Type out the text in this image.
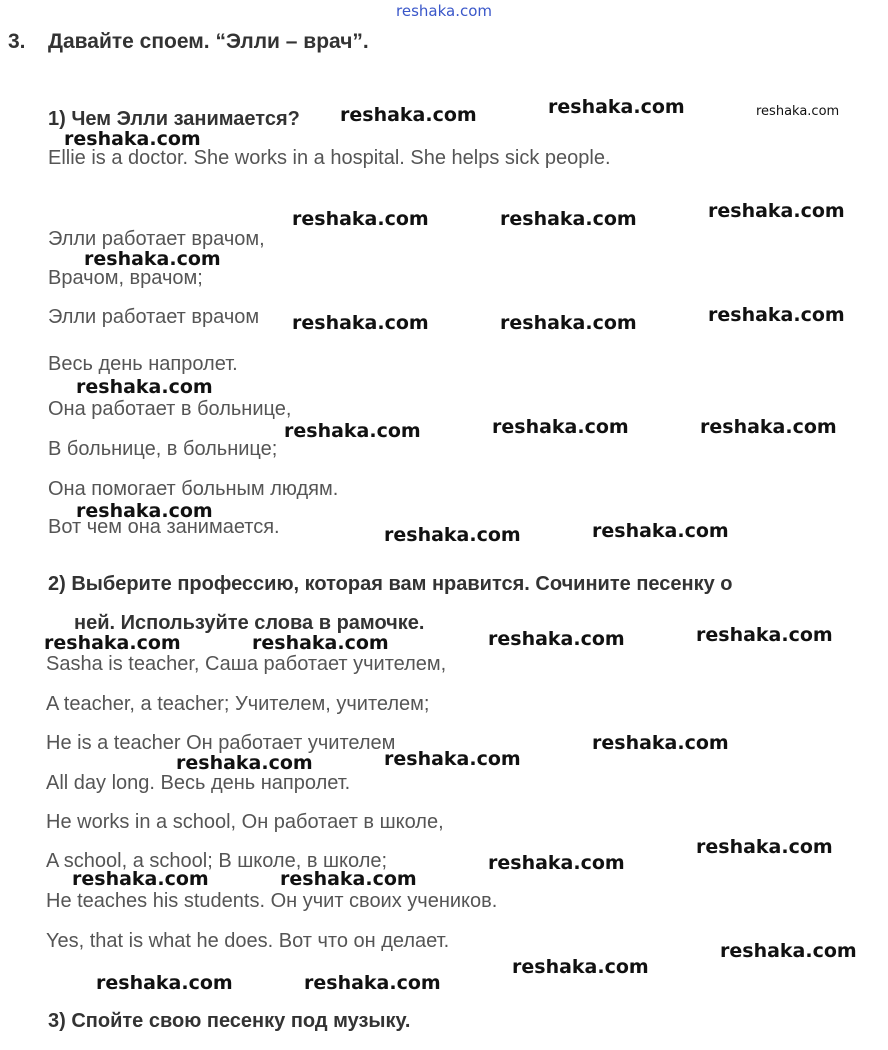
reshaka.com
3. Давайте споем. “Элли – врач”.
1) Чем Элли занимается?
Ellie is a doctor. She works in a hospital. She helps sick people.
Элли работает врачом,
Врачом, врачом;
Элли работает врачом
Весь день напролет.
Она работает в больнице,
В больнице, в больнице;
Она помогает больным людям.
Вот чем она занимается.
2) Выберите профессию, которая вам нравится. Сочините песенку о
ней. Используйте слова в рамочке.
Sasha is teacher, Саша работает учителем,
A teacher, a teacher; Учителем, учителем;
He is a teacher Он работает учителем
All day long. Весь день напролет.
He works in a school, Он работает в школе,
A school, a school; В школе, в школе;
He teaches his students. Он учит своих учеников.
Yes, that is what he does. Вот что он делает.
3) Спойте свою песенку под музыку.
reshaka.com	reshaka.com	reshaka.com
reshaka.com
reshaka.com	reshaka.com	reshaka.com
reshaka.com
reshaka.com	reshaka.com	reshaka.com
reshaka.com
reshaka.com	reshaka.com	reshaka.com
reshaka.com
reshaka.com	reshaka.com
reshaka.com	reshaka.com	reshaka.com	reshaka.com
reshaka.com
reshaka.com	reshaka.com
reshaka.com
reshaka.com
reshaka.com	reshaka.com
reshaka.com
reshaka.com
reshaka.com	reshaka.com
